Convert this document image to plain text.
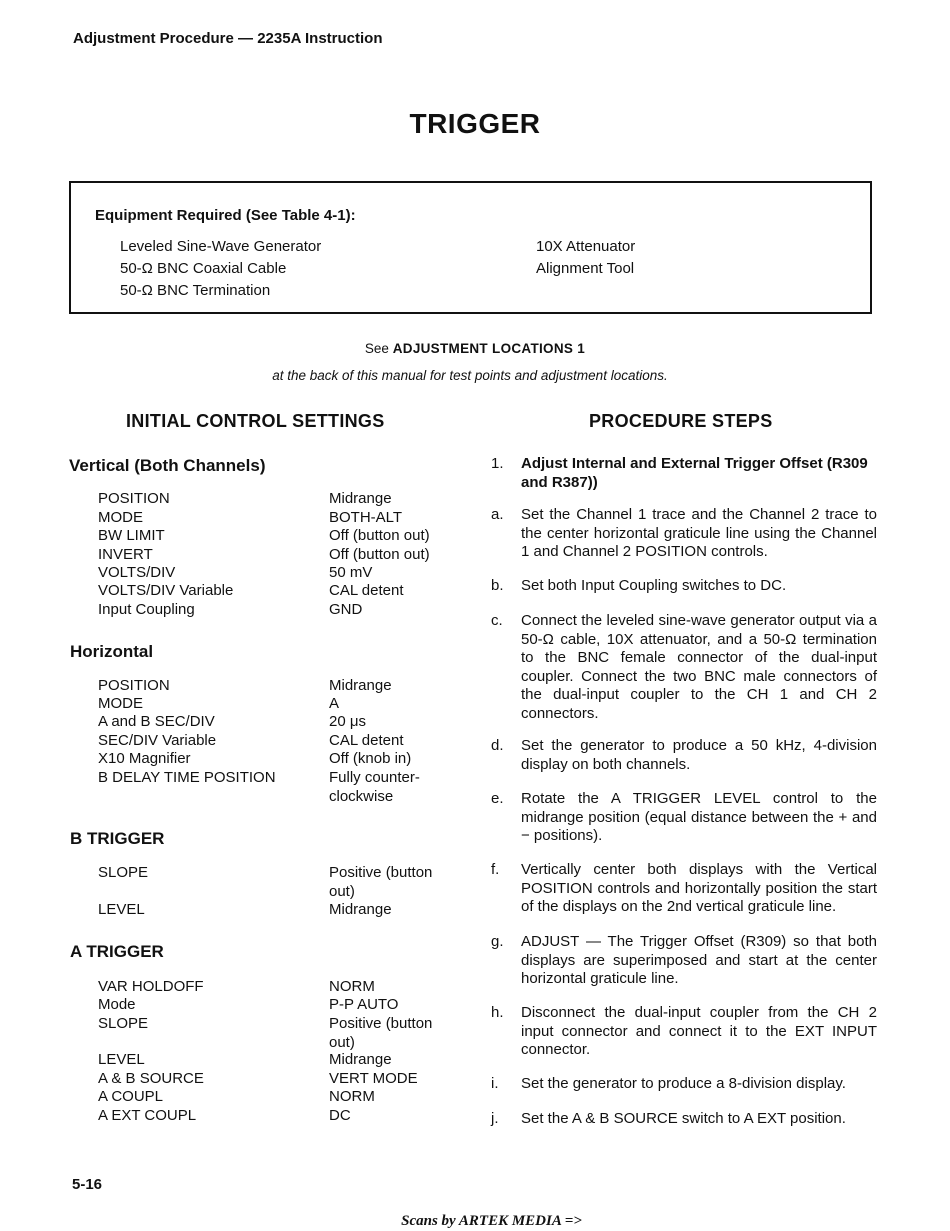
Adjustment Procedure — 2235A Instruction
TRIGGER
Equipment Required (See Table 4-1):
Leveled Sine-Wave Generator
50-Ω BNC Coaxial Cable
50-Ω BNC Termination
10X Attenuator
Alignment Tool
See ADJUSTMENT LOCATIONS 1
at the back of this manual for test points and adjustment locations.
INITIAL CONTROL SETTINGS	PROCEDURE STEPS
Vertical (Both Channels)
POSITION	Midrange
MODE	BOTH-ALT
BW LIMIT	Off (button out)
INVERT	Off (button out)
VOLTS/DIV	50 mV
VOLTS/DIV Variable	CAL detent
Input Coupling	GND
Horizontal
POSITION	Midrange
MODE	A
A and B SEC/DIV	20 μs
SEC/DIV Variable	CAL detent
X10 Magnifier	Off (knob in)
B DELAY TIME POSITION	Fully counter-clockwise
B TRIGGER
SLOPE	Positive (button out)
LEVEL	Midrange
A TRIGGER
VAR HOLDOFF	NORM
Mode	P-P AUTO
SLOPE	Positive (button out)
LEVEL	Midrange
A & B SOURCE	VERT MODE
A COUPL	NORM
A EXT COUPL	DC
1. Adjust Internal and External Trigger Offset (R309 and R387))
a. Set the Channel 1 trace and the Channel 2 trace to the center horizontal graticule line using the Channel 1 and Channel 2 POSITION controls.
b. Set both Input Coupling switches to DC.
c. Connect the leveled sine-wave generator output via a 50-Ω cable, 10X attenuator, and a 50-Ω termination to the BNC female connector of the dual-input coupler. Connect the two BNC male connectors of the dual-input coupler to the CH 1 and CH 2 connectors.
d. Set the generator to produce a 50 kHz, 4-division display on both channels.
e. Rotate the A TRIGGER LEVEL control to the midrange position (equal distance between the + and − positions).
f. Vertically center both displays with the Vertical POSITION controls and horizontally position the start of the displays on the 2nd vertical graticule line.
g. ADJUST — The Trigger Offset (R309) so that both displays are superimposed and start at the center horizontal graticule line.
h. Disconnect the dual-input coupler from the CH 2 input connector and connect it to the EXT INPUT connector.
i. Set the generator to produce a 8-division display.
j. Set the A & B SOURCE switch to A EXT position.
5-16
Scans by ARTEK MEDIA =>
